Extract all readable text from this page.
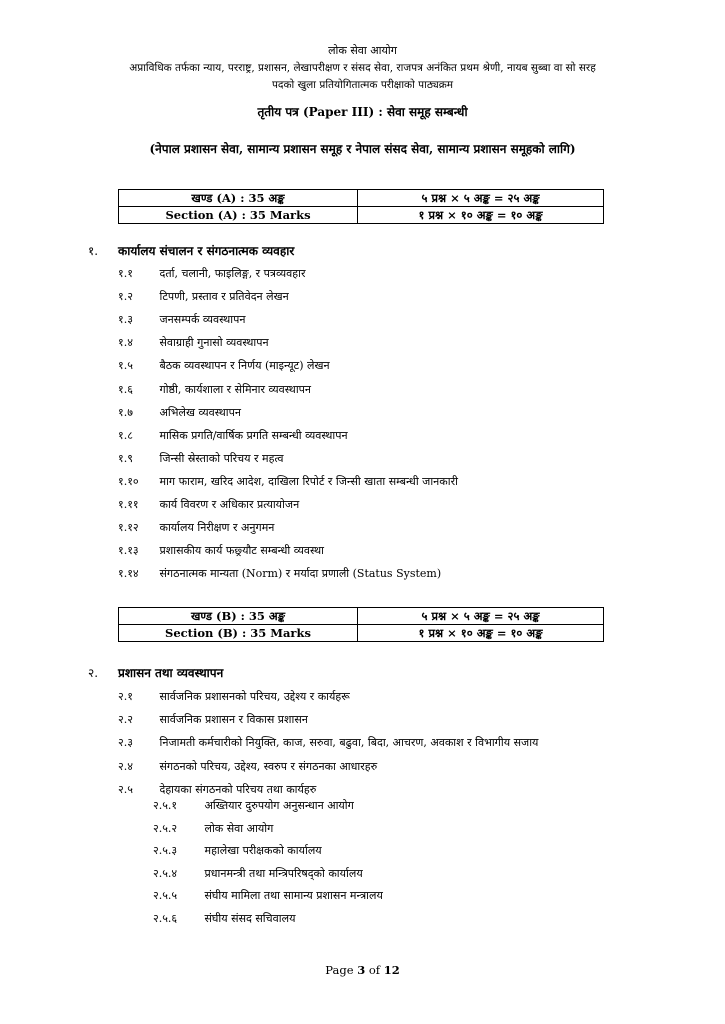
लोक सेवा आयोग
अप्राविधिक तर्फका न्याय, परराष्ट्र, प्रशासन, लेखापरीक्षण र संसद सेवा, राजपत्र अनंकित प्रथम श्रेणी, नायब सुब्बा वा सो सरह
पदको खुला प्रतियोगितात्मक परीक्षाको पाठ्यक्रम
तृतीय पत्र (Paper III) : सेवा समूह सम्बन्धी
(नेपाल प्रशासन सेवा, सामान्य प्रशासन समूह र नेपाल संसद सेवा, सामान्य प्रशासन समूहको लागि)
खण्ड (A) : 35 अङ्क	५ प्रश्न × ५ अङ्क = २५ अङ्क
Section (A) : 35 Marks	१ प्रश्न × १० अङ्क = १० अङ्क
१. कार्यालय संचालन र संगठनात्मक व्यवहार
१.१ दर्ता, चलानी, फाइलिङ्ग, र पत्रव्यवहार
१.२ टिपणी, प्रस्ताव र प्रतिवेदन लेखन
१.३ जनसम्पर्क व्यवस्थापन
१.४ सेवाग्राही गुनासो व्यवस्थापन
१.५ बैठक व्यवस्थापन र निर्णय (माइन्यूट) लेखन
१.६ गोष्ठी, कार्यशाला र सेमिनार व्यवस्थापन
१.७ अभिलेख व्यवस्थापन
१.८ मासिक प्रगति/वार्षिक प्रगति सम्बन्धी व्यवस्थापन
१.९ जिन्सी स्रेस्ताको परिचय र महत्व
१.१० माग फाराम, खरिद आदेश, दाखिला रिपोर्ट र जिन्सी खाता सम्बन्धी जानकारी
१.११ कार्य विवरण र अधिकार प्रत्यायोजन
१.१२ कार्यालय निरीक्षण र अनुगमन
१.१३ प्रशासकीय कार्य फछ्र्यौट सम्बन्धी व्यवस्था
१.१४ संगठनात्मक मान्यता (Norm) र मर्यादा प्रणाली (Status System)
खण्ड (B) : 35 अङ्क	५ प्रश्न × ५ अङ्क = २५ अङ्क
Section (B) : 35 Marks	१ प्रश्न × १० अङ्क = १० अङ्क
२. प्रशासन तथा व्यवस्थापन
२.१ सार्वजनिक प्रशासनको परिचय, उद्देश्य र कार्यहरू
२.२ सार्वजनिक प्रशासन र विकास प्रशासन
२.३ निजामती कर्मचारीको नियुक्ति, काज, सरुवा, बढुवा, बिदा, आचरण, अवकाश र विभागीय सजाय
२.४ संगठनको परिचय, उद्देश्य, स्वरुप र संगठनका आधारहरु
२.५ देहायका संगठनको परिचय तथा कार्यहरु
२.५.१ अख्तियार दुरुपयोग अनुसन्धान आयोग
२.५.२ लोक सेवा आयोग
२.५.३ महालेखा परीक्षकको कार्यालय
२.५.४ प्रधानमन्त्री तथा मन्त्रिपरिषद्को कार्यालय
२.५.५ संघीय मामिला तथा सामान्य प्रशासन मन्त्रालय
२.५.६ संघीय संसद सचिवालय
Page 3 of 12
